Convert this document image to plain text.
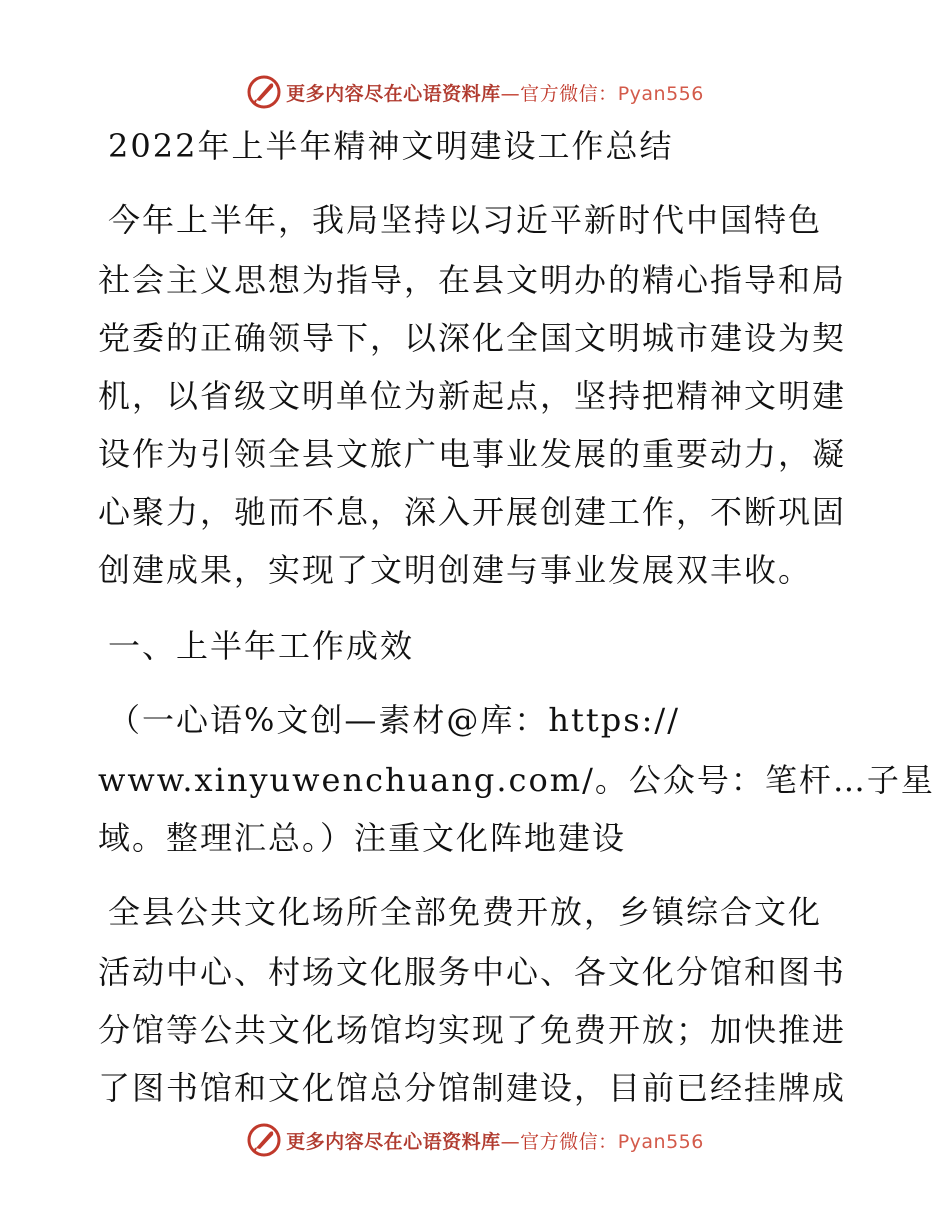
更多内容尽在心语资料库—官方微信：Pyan556
2022年上半年精神文明建设工作总结
今年上半年，我局坚持以习近平新时代中国特色
社会主义思想为指导，在县文明办的精心指导和局
党委的正确领导下，以深化全国文明城市建设为契
机，以省级文明单位为新起点，坚持把精神文明建
设作为引领全县文旅广电事业发展的重要动力，凝
心聚力，驰而不息，深入开展创建工作，不断巩固
创建成果，实现了文明创建与事业发展双丰收。
一、上半年工作成效
（一心语%文创—素材@库：https://
www.xinyuwenchuang.com/。公众号：笔杆…子星
域。整理汇总。）注重文化阵地建设
全县公共文化场所全部免费开放，乡镇综合文化
活动中心、村场文化服务中心、各文化分馆和图书
分馆等公共文化场馆均实现了免费开放；加快推进
了图书馆和文化馆总分馆制建设，目前已经挂牌成
更多内容尽在心语资料库—官方微信：Pyan556
